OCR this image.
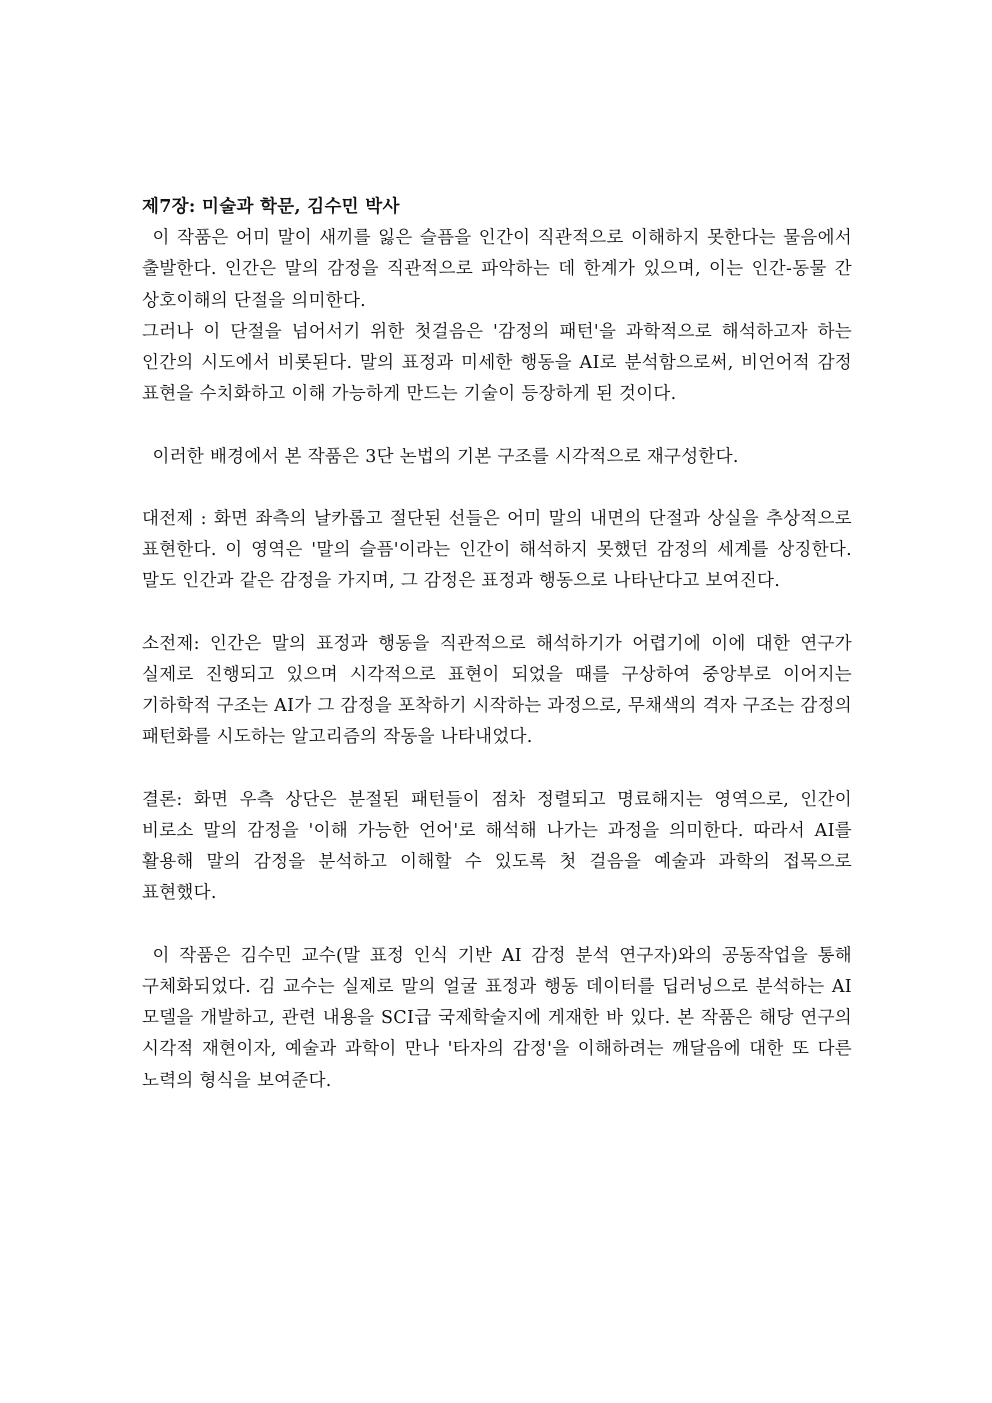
제7장: 미술과 학문, 김수민 박사

이 작품은 어미 말이 새끼를 잃은 슬픔을 인간이 직관적으로 이해하지 못한다는 물음에서 출발한다. 인간은 말의 감정을 직관적으로 파악하는 데 한계가 있으며, 이는 인간-동물 간 상호이해의 단절을 의미한다.

그러나 이 단절을 넘어서기 위한 첫걸음은 '감정의 패턴'을 과학적으로 해석하고자 하는 인간의 시도에서 비롯된다. 말의 표정과 미세한 행동을 AI로 분석함으로써, 비언어적 감정 표현을 수치화하고 이해 가능하게 만드는 기술이 등장하게 된 것이다.

이러한 배경에서 본 작품은 3단 논법의 기본 구조를 시각적으로 재구성한다.

대전제 : 화면 좌측의 날카롭고 절단된 선들은 어미 말의 내면의 단절과 상실을 추상적으로 표현한다. 이 영역은 '말의 슬픔'이라는 인간이 해석하지 못했던 감정의 세계를 상징한다. 말도 인간과 같은 감정을 가지며, 그 감정은 표정과 행동으로 나타난다고 보여진다.

소전제: 인간은 말의 표정과 행동을 직관적으로 해석하기가 어렵기에 이에 대한 연구가 실제로 진행되고 있으며 시각적으로 표현이 되었을 때를 구상하여 중앙부로 이어지는 기하학적 구조는 AI가 그 감정을 포착하기 시작하는 과정으로, 무채색의 격자 구조는 감정의 패턴화를 시도하는 알고리즘의 작동을 나타내었다.

결론: 화면 우측 상단은 분절된 패턴들이 점차 정렬되고 명료해지는 영역으로, 인간이 비로소 말의 감정을 '이해 가능한 언어'로 해석해 나가는 과정을 의미한다. 따라서 AI를 활용해 말의 감정을 분석하고 이해할 수 있도록 첫 걸음을 예술과 과학의 접목으로 표현했다.

이 작품은 김수민 교수(말 표정 인식 기반 AI 감정 분석 연구자)와의 공동작업을 통해 구체화되었다. 김 교수는 실제로 말의 얼굴 표정과 행동 데이터를 딥러닝으로 분석하는 AI 모델을 개발하고, 관련 내용을 SCI급 국제학술지에 게재한 바 있다. 본 작품은 해당 연구의 시각적 재현이자, 예술과 과학이 만나 '타자의 감정'을 이해하려는 깨달음에 대한 또 다른 노력의 형식을 보여준다.
